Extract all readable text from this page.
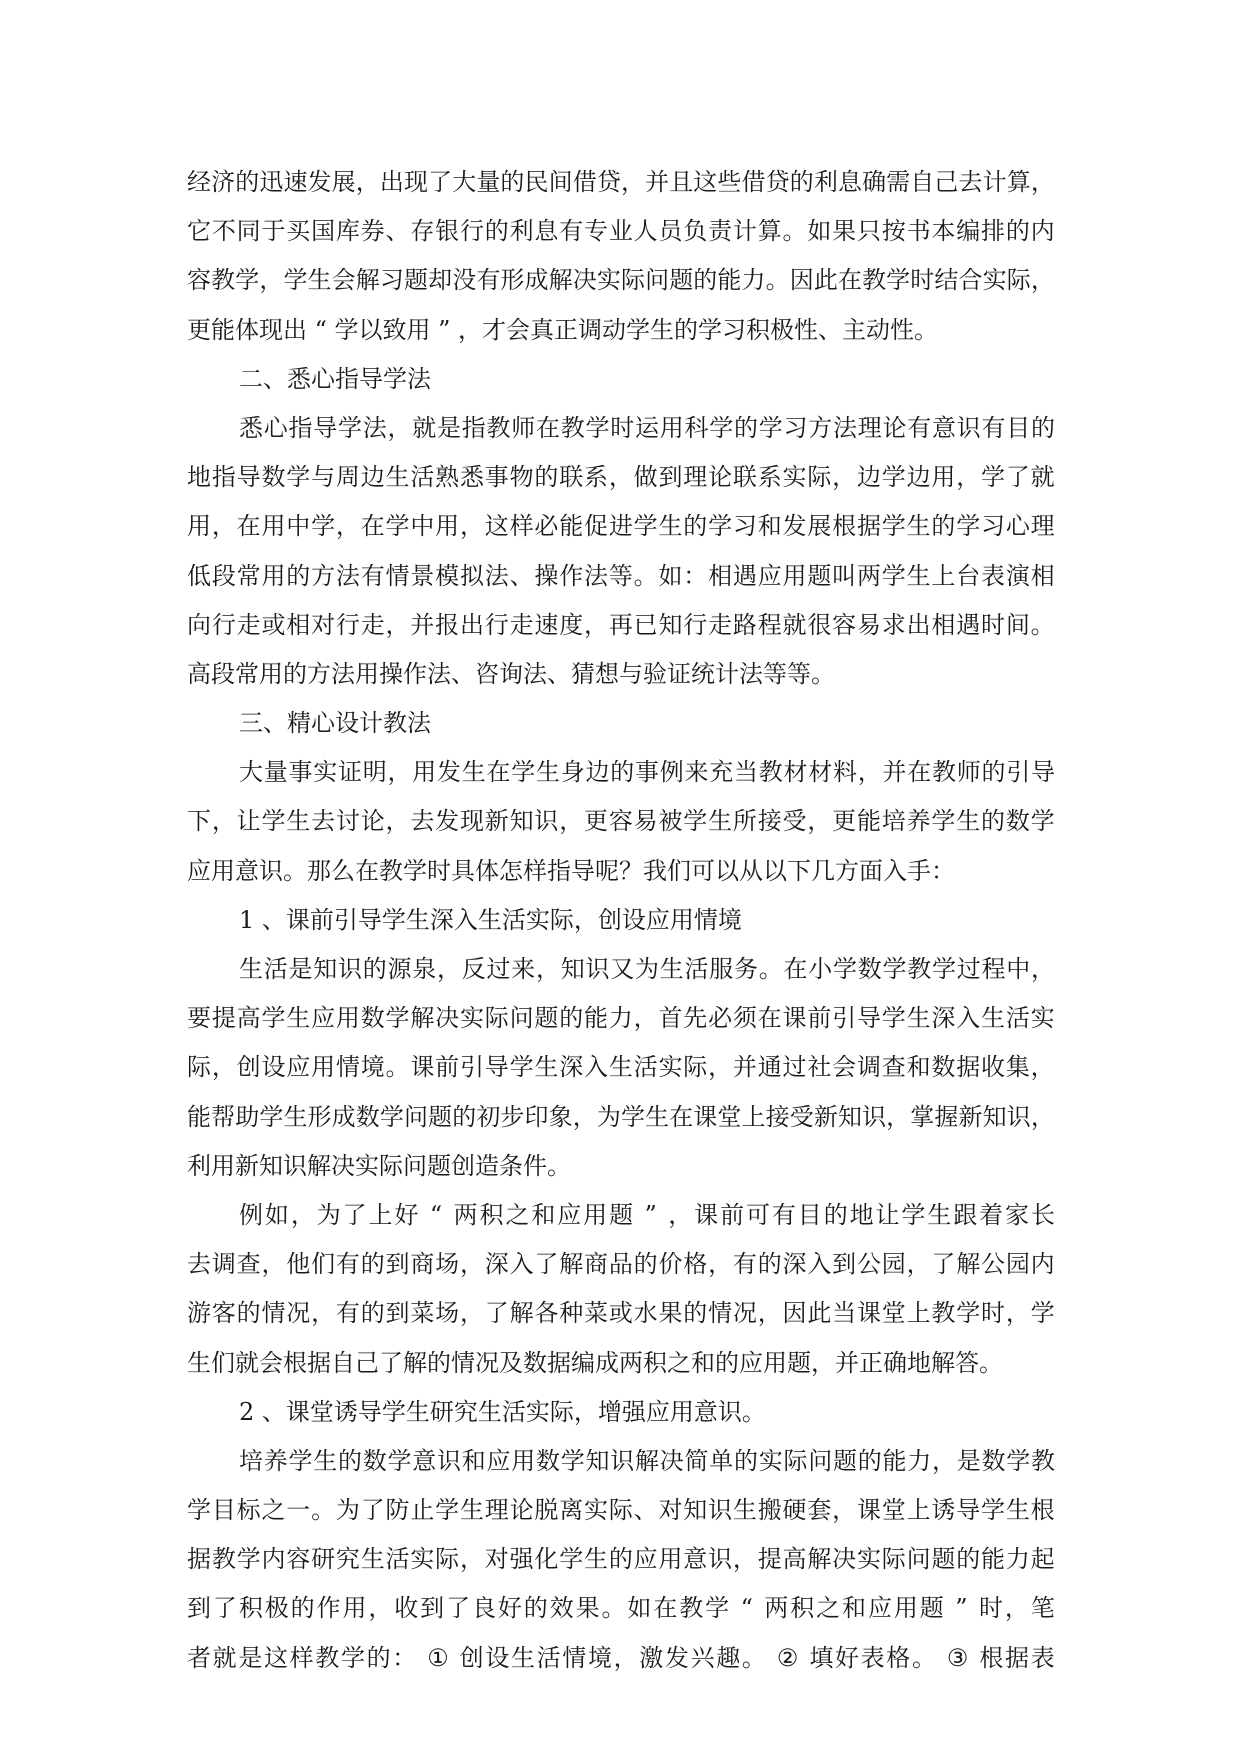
经 济 的 迅 速 发 展 ， 出 现 了 大 量 的 民 间 借 贷 ， 并 且 这 些 借 贷 的 利 息 确 需 自 己 去 计 算 ，
它 不 同 于 买 国 库 券 、 存 银 行 的 利 息 有 专 业 人 员 负 责 计 算 。 如 果 只 按 书 本 编 排 的 内
容 教 学 ， 学 生 会 解 习 题 却 没 有 形 成 解 决 实 际 问 题 的 能 力 。 因 此 在 教 学 时 结 合 实 际 ，
更能体现出 “ 学以致用 ” ，才会真正调动学生的学习积极性、主动性。
二、悉心指导学法
悉 心 指 导 学 法 ， 就 是 指 教 师 在 教 学 时 运 用 科 学 的 学 习 方 法 理 论 有 意 识 有 目 的
地 指 导 数 学 与 周 边 生 活 熟 悉 事 物 的 联 系 ， 做 到 理 论 联 系 实 际 ， 边 学 边 用 ， 学 了 就
用 ， 在 用 中 学 ， 在 学 中 用 ， 这 样 必 能 促 进 学 生 的 学 习 和 发 展 根 据 学 生 的 学 习 心 理
低 段 常 用 的 方 法 有 情 景 模 拟 法 、 操 作 法 等 。 如 ： 相 遇 应 用 题 叫 两 学 生 上 台 表 演 相
向 行 走 或 相 对 行 走 ， 并 报 出 行 走 速 度 ， 再 已 知 行 走 路 程 就 很 容 易 求 出 相 遇 时 间 。
高段常用的方法用操作法、咨询法、猜想与验证统计法等等。
三、精心设计教法
大 量 事 实 证 明 ， 用 发 生 在 学 生 身 边 的 事 例 来 充 当 教 材 材 料 ， 并 在 教 师 的 引 导
下 ， 让 学 生 去 讨 论 ， 去 发 现 新 知 识 ， 更 容 易 被 学 生 所 接 受 ， 更 能 培 养 学 生 的 数 学
应用意识。那么在教学时具体怎样指导呢？我们可以从以下几方面入手：
1 、课前引导学生深入生活实际，创设应用情境
生 活 是 知 识 的 源 泉 ， 反 过 来 ， 知 识 又 为 生 活 服 务 。 在 小 学 数 学 教 学 过 程 中 ，
要 提 高 学 生 应 用 数 学 解 决 实 际 问 题 的 能 力 ， 首 先 必 须 在 课 前 引 导 学 生 深 入 生 活 实
际 ， 创 设 应 用 情 境 。 课 前 引 导 学 生 深 入 生 活 实 际 ， 并 通 过 社 会 调 查 和 数 据 收 集 ，
能 帮 助 学 生 形 成 数 学 问 题 的 初 步 印 象 ， 为 学 生 在 课 堂 上 接 受 新 知 识 ， 掌 握 新 知 识 ，
利用新知识解决实际问题创造条件。
例 如 ， 为 了 上 好
“
两 积 之 和 应 用 题
”
， 课 前 可 有 目 的 地 让 学 生 跟 着 家 长
去 调 查 ， 他 们 有 的 到 商 场 ， 深 入 了 解 商 品 的 价 格 ， 有 的 深 入 到 公 园 ， 了 解 公 园 内
游 客 的 情 况 ， 有 的 到 菜 场 ， 了 解 各 种 菜 或 水 果 的 情 况 ， 因 此 当 课 堂 上 教 学 时 ， 学
生们就会根据自己了解的情况及数据编成两积之和的应用题，并正确地解答。
2 、课堂诱导学生研究生活实际，增强应用意识。
培 养 学 生 的 数 学 意 识 和 应 用 数 学 知 识 解 决 简 单 的 实 际 问 题 的 能 力 ， 是 数 学 教
学 目 标 之 一 。 为 了 防 止 学 生 理 论 脱 离 实 际 、 对 知 识 生 搬 硬 套 ， 课 堂 上 诱 导 学 生 根
据 教 学 内 容 研 究 生 活 实 际 ， 对 强 化 学 生 的 应 用 意 识 ， 提 高 解 决 实 际 问 题 的 能 力 起
到 了 积 极 的 作 用 ， 收 到 了 良 好 的 效 果 。 如 在 教 学
“
两 积 之 和 应 用 题
”
时 ， 笔
者 就 是 这 样 教 学 的 ：
①
创 设 生 活 情 境 ， 激 发 兴 趣 。
②
填 好 表 格 。
③
根 据 表
